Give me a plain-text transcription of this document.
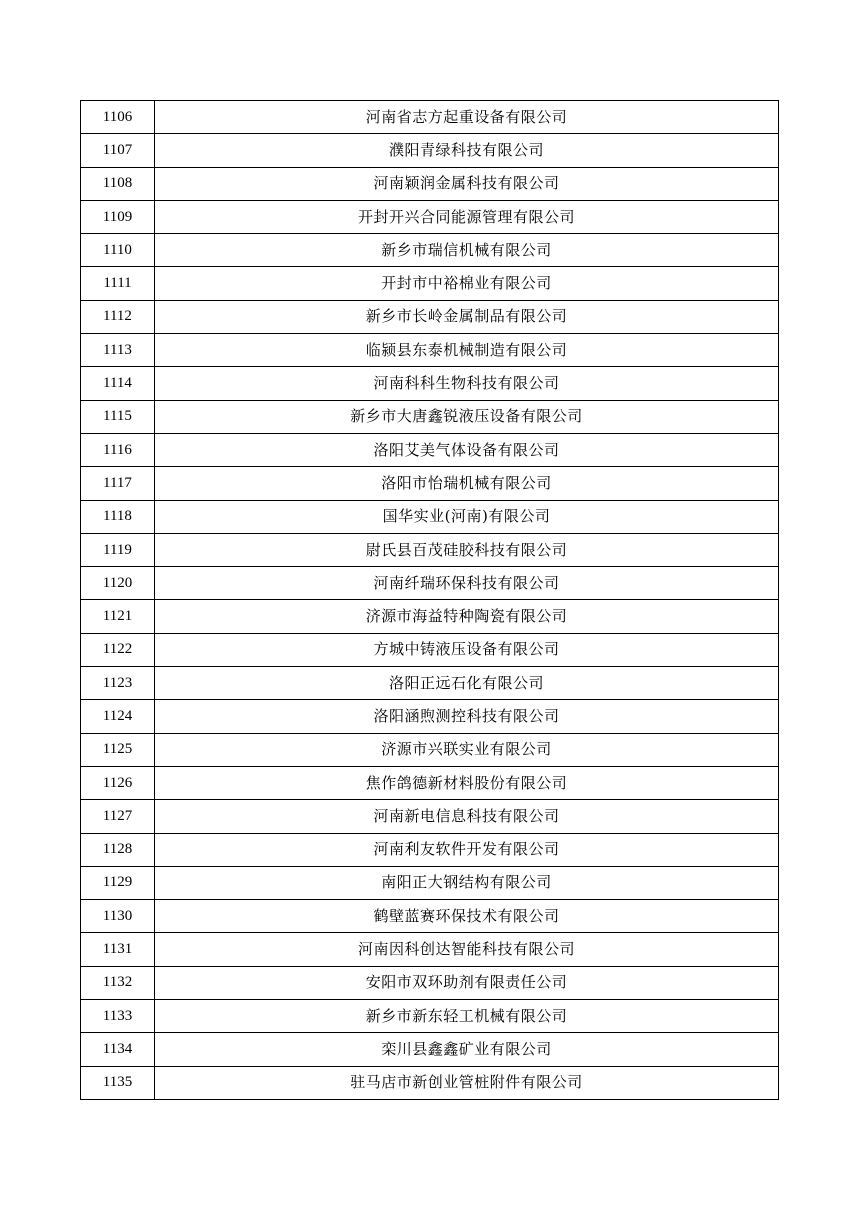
1106	河南省志方起重设备有限公司
1107	濮阳青绿科技有限公司
1108	河南颖润金属科技有限公司
1109	开封开兴合同能源管理有限公司
1110	新乡市瑞信机械有限公司
1111	开封市中裕棉业有限公司
1112	新乡市长岭金属制品有限公司
1113	临颍县东泰机械制造有限公司
1114	河南科科生物科技有限公司
1115	新乡市大唐鑫锐液压设备有限公司
1116	洛阳艾美气体设备有限公司
1117	洛阳市怡瑞机械有限公司
1118	国华实业(河南)有限公司
1119	尉氏县百茂硅胶科技有限公司
1120	河南纤瑞环保科技有限公司
1121	济源市海益特种陶瓷有限公司
1122	方城中铸液压设备有限公司
1123	洛阳正远石化有限公司
1124	洛阳涵煦测控科技有限公司
1125	济源市兴联实业有限公司
1126	焦作鸽德新材料股份有限公司
1127	河南新电信息科技有限公司
1128	河南利友软件开发有限公司
1129	南阳正大钢结构有限公司
1130	鹤壁蓝赛环保技术有限公司
1131	河南因科创达智能科技有限公司
1132	安阳市双环助剂有限责任公司
1133	新乡市新东轻工机械有限公司
1134	栾川县鑫鑫矿业有限公司
1135	驻马店市新创业管桩附件有限公司
